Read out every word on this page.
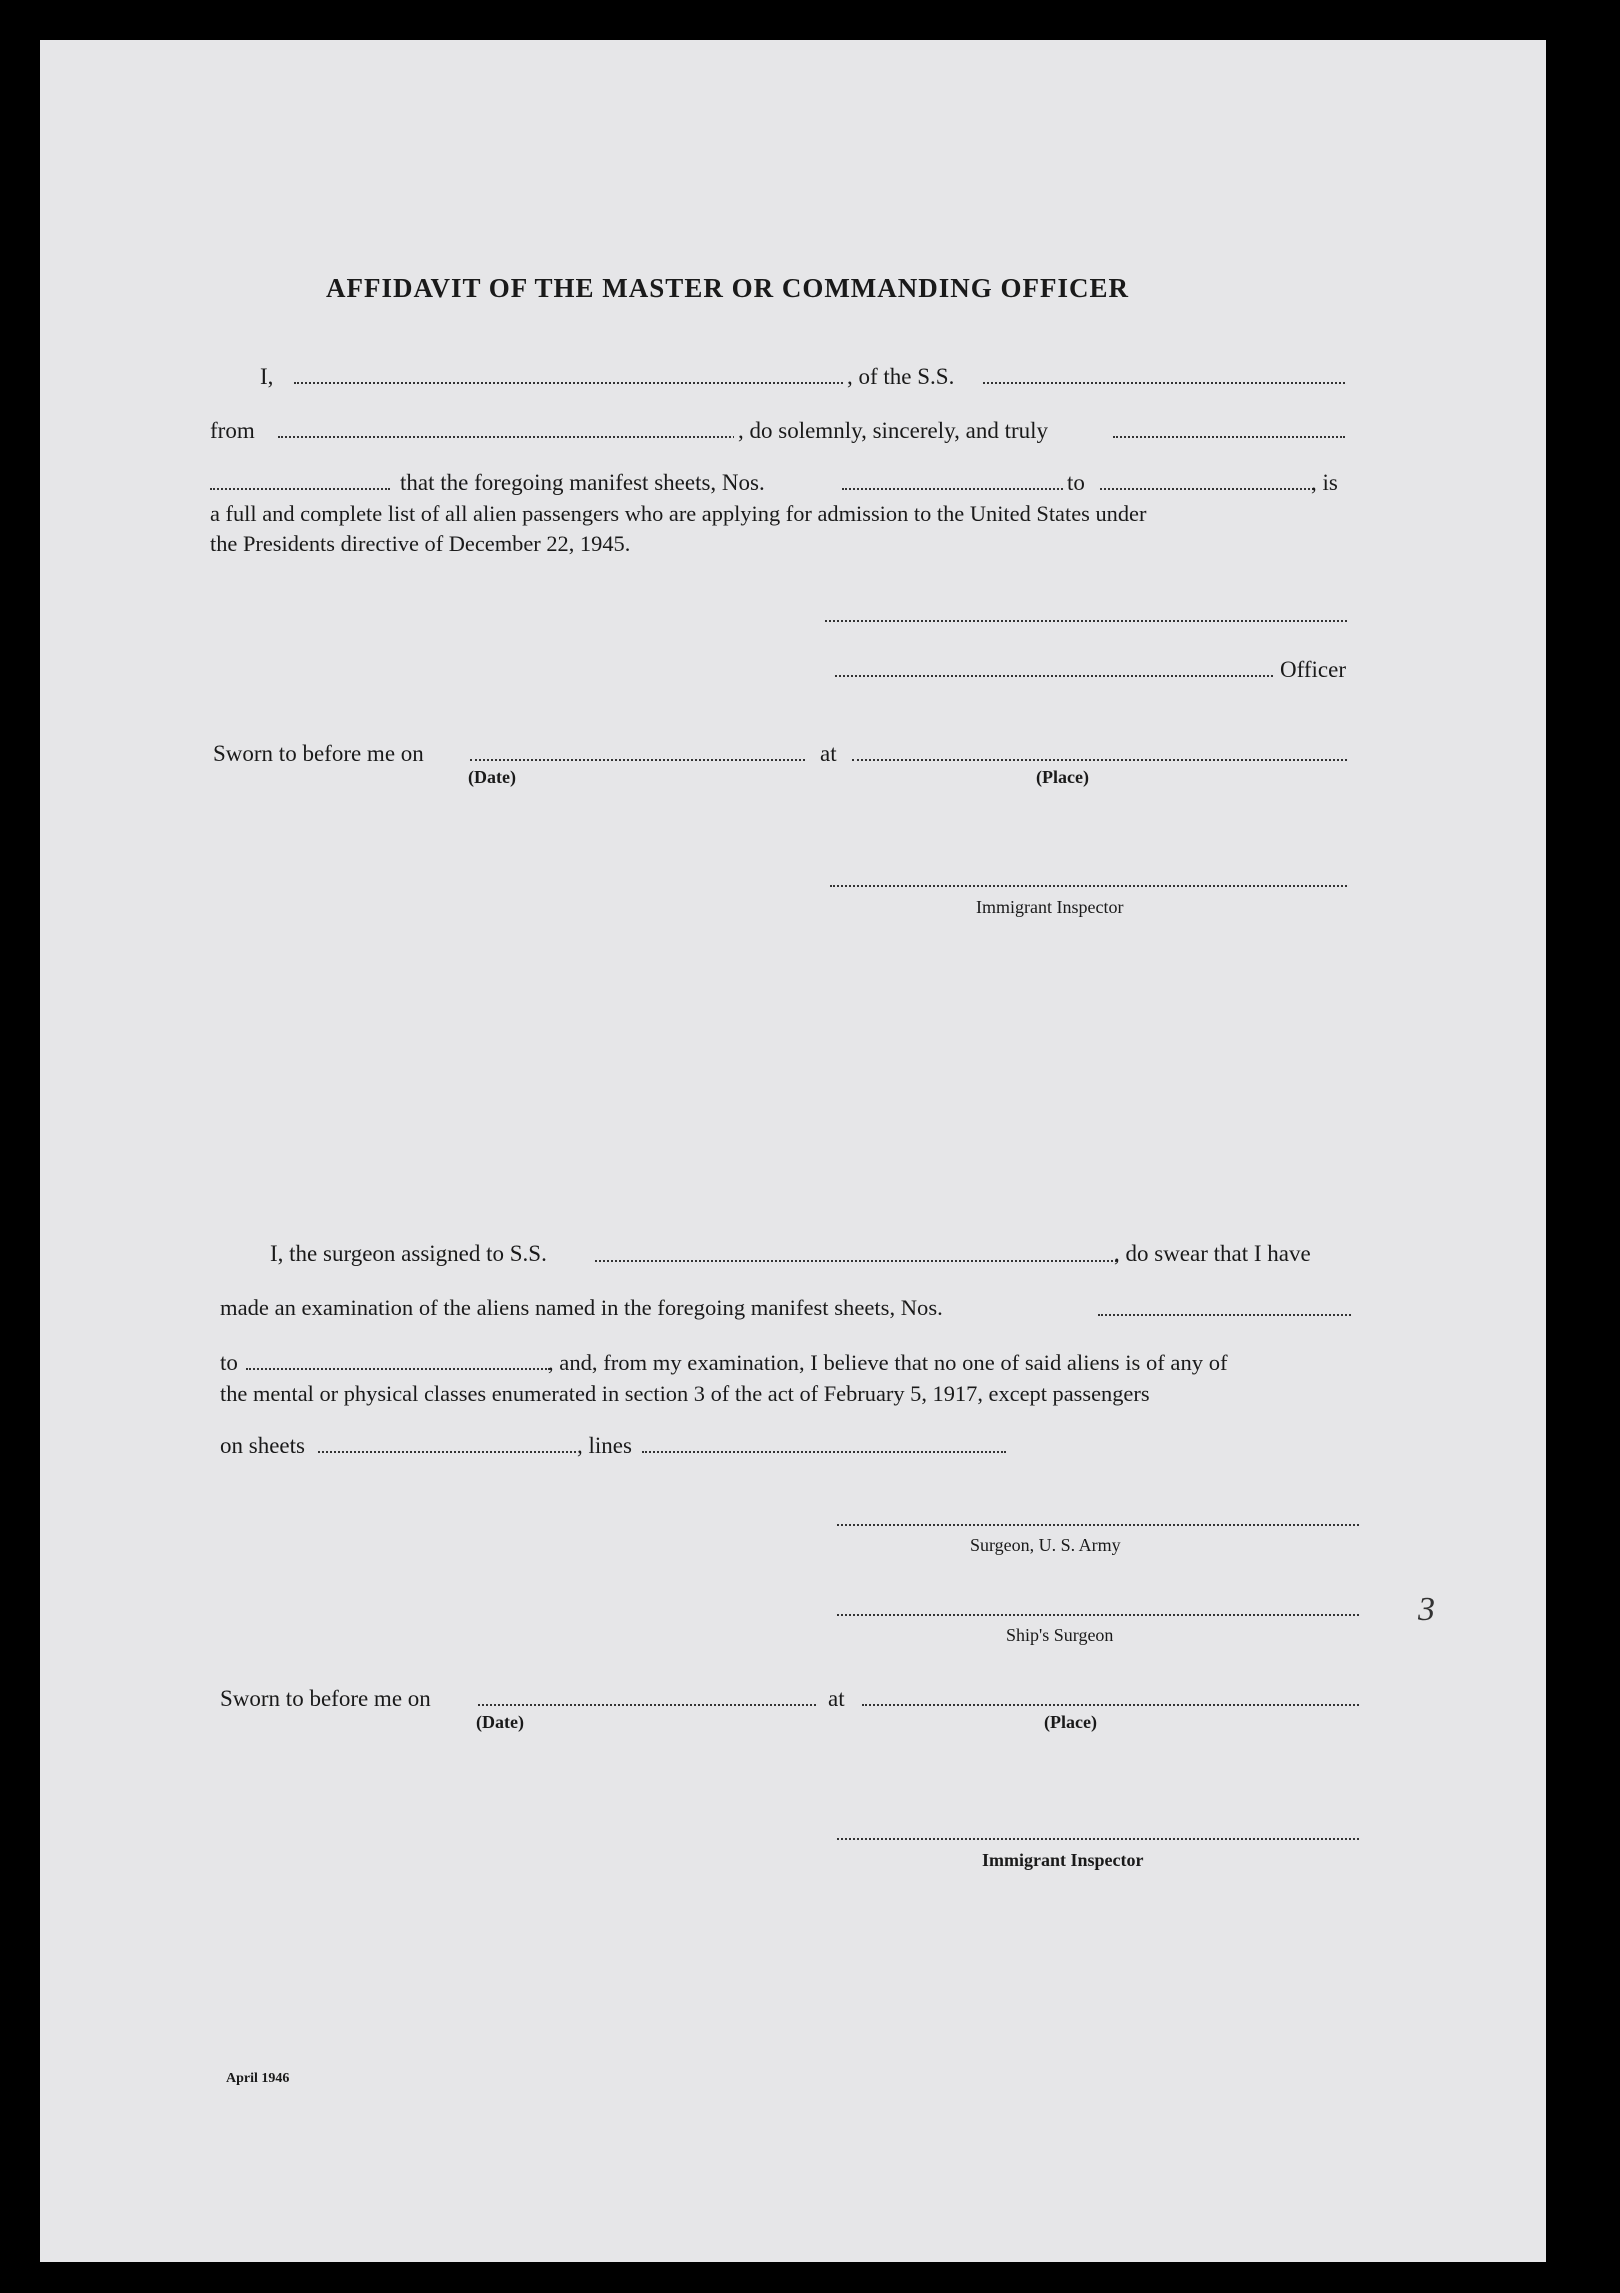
AFFIDAVIT OF THE MASTER OR COMMANDING OFFICER
I,	, of the S.S.
from	, do solemnly, sincerely, and truly
that the foregoing manifest sheets, Nos.	to	, is
a full and complete list of all alien passengers who are applying for admission to the United States under
the Presidents directive of December 22, 1945.
Officer
Sworn to before me on	at
(Date)	(Place)
Immigrant Inspector
I, the surgeon assigned to S.S.	, do swear that I have
made an examination of the aliens named in the foregoing manifest sheets, Nos.
to	, and, from my examination, I believe that no one of said aliens is of any of
the mental or physical classes enumerated in section 3 of the act of February 5, 1917, except passengers
on sheets	, lines
Surgeon, U. S. Army
Ship's Surgeon
Sworn to before me on	at
(Date)	(Place)
Immigrant Inspector
April 1946
3
